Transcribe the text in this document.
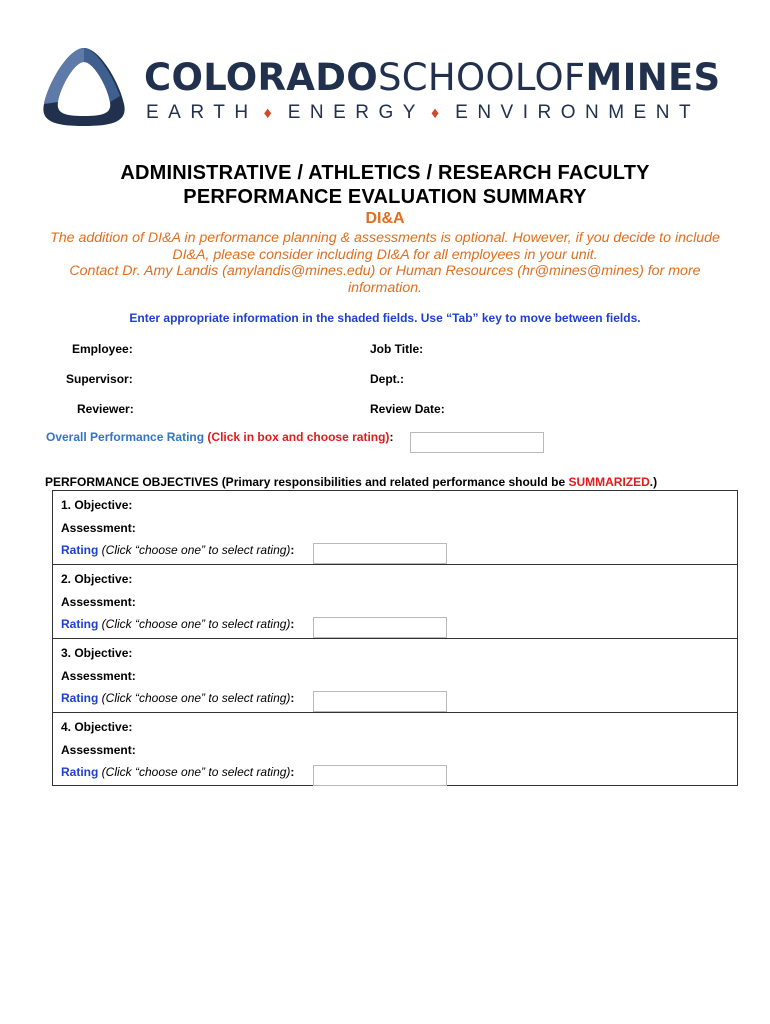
COLORADOSCHOOLOFMINES
EARTH ♦ ENERGY ♦ ENVIRONMENT
ADMINISTRATIVE / ATHLETICS / RESEARCH FACULTY
PERFORMANCE EVALUATION SUMMARY
DI&A
The addition of DI&A in performance planning & assessments is optional. However, if you decide to include DI&A, please consider including DI&A for all employees in your unit.
Contact Dr. Amy Landis (amylandis@mines.edu) or Human Resources (hr@mines@mines) for more information.
Enter appropriate information in the shaded fields. Use “Tab” key to move between fields.
Employee:	Job Title:
Supervisor:	Dept.:
Reviewer:	Review Date:
Overall Performance Rating (Click in box and choose rating):
PERFORMANCE OBJECTIVES (Primary responsibilities and related performance should be SUMMARIZED.)
1. Objective:
Assessment:
Rating (Click “choose one” to select rating):
2. Objective:
Assessment:
Rating (Click “choose one” to select rating):
3. Objective:
Assessment:
Rating (Click “choose one” to select rating):
4. Objective:
Assessment:
Rating (Click “choose one” to select rating):
